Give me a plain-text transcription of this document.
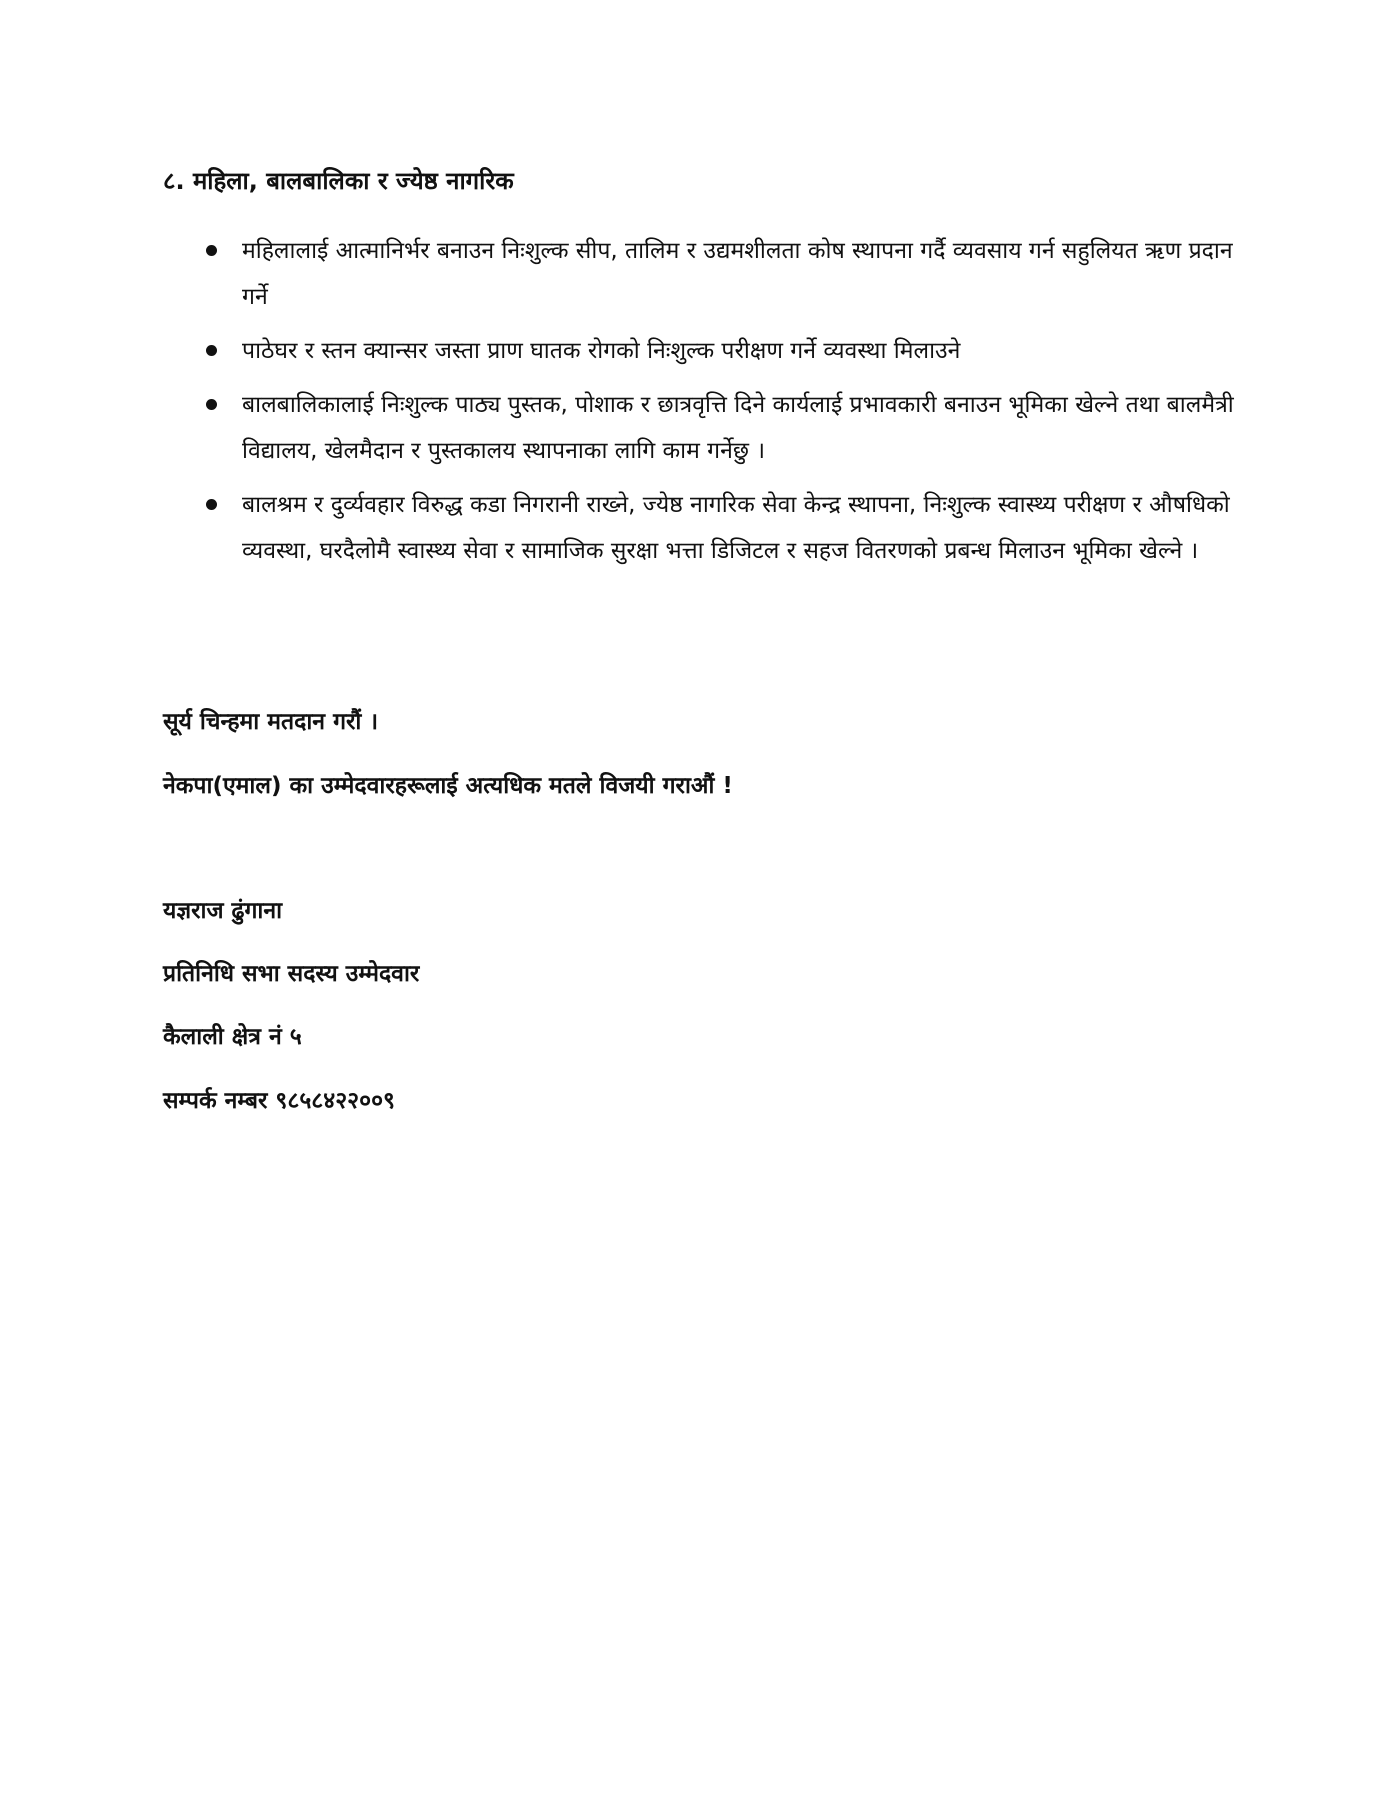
८. महिला, बालबालिका र ज्येष्ठ नागरिक
महिलालाई आत्मानिर्भर बनाउन निःशुल्क सीप, तालिम र उद्यमशीलता कोष स्थापना गर्दै व्यवसाय गर्न सहुलियत ऋण प्रदान गर्ने
पाठेघर र स्तन क्यान्सर जस्ता प्राण घातक रोगको निःशुल्क परीक्षण गर्ने व्यवस्था मिलाउने
बालबालिकालाई निःशुल्क पाठ्य पुस्तक, पोशाक र छात्रवृत्ति दिने कार्यलाई प्रभावकारी बनाउन भूमिका खेल्ने तथा बालमैत्री विद्यालय, खेलमैदान र पुस्तकालय स्थापनाका लागि काम गर्नेछु ।
बालश्रम र दुर्व्यवहार विरुद्ध कडा निगरानी राख्ने, ज्येष्ठ नागरिक सेवा केन्द्र स्थापना, निःशुल्क स्वास्थ्य परीक्षण र औषधिको व्यवस्था, घरदैलोमै स्वास्थ्य सेवा र सामाजिक सुरक्षा भत्ता डिजिटल र सहज वितरणको प्रबन्ध मिलाउन भूमिका खेल्ने ।

सूर्य चिन्हमा मतदान गरौं ।

नेकपा(एमाल) का उम्मेदवारहरूलाई अत्यधिक मतले विजयी गराऔं !

यज्ञराज ढुंगाना

प्रतिनिधि सभा सदस्य उम्मेदवार

कैलाली क्षेत्र नं ५

सम्पर्क नम्बर ९८५८४२२००९
